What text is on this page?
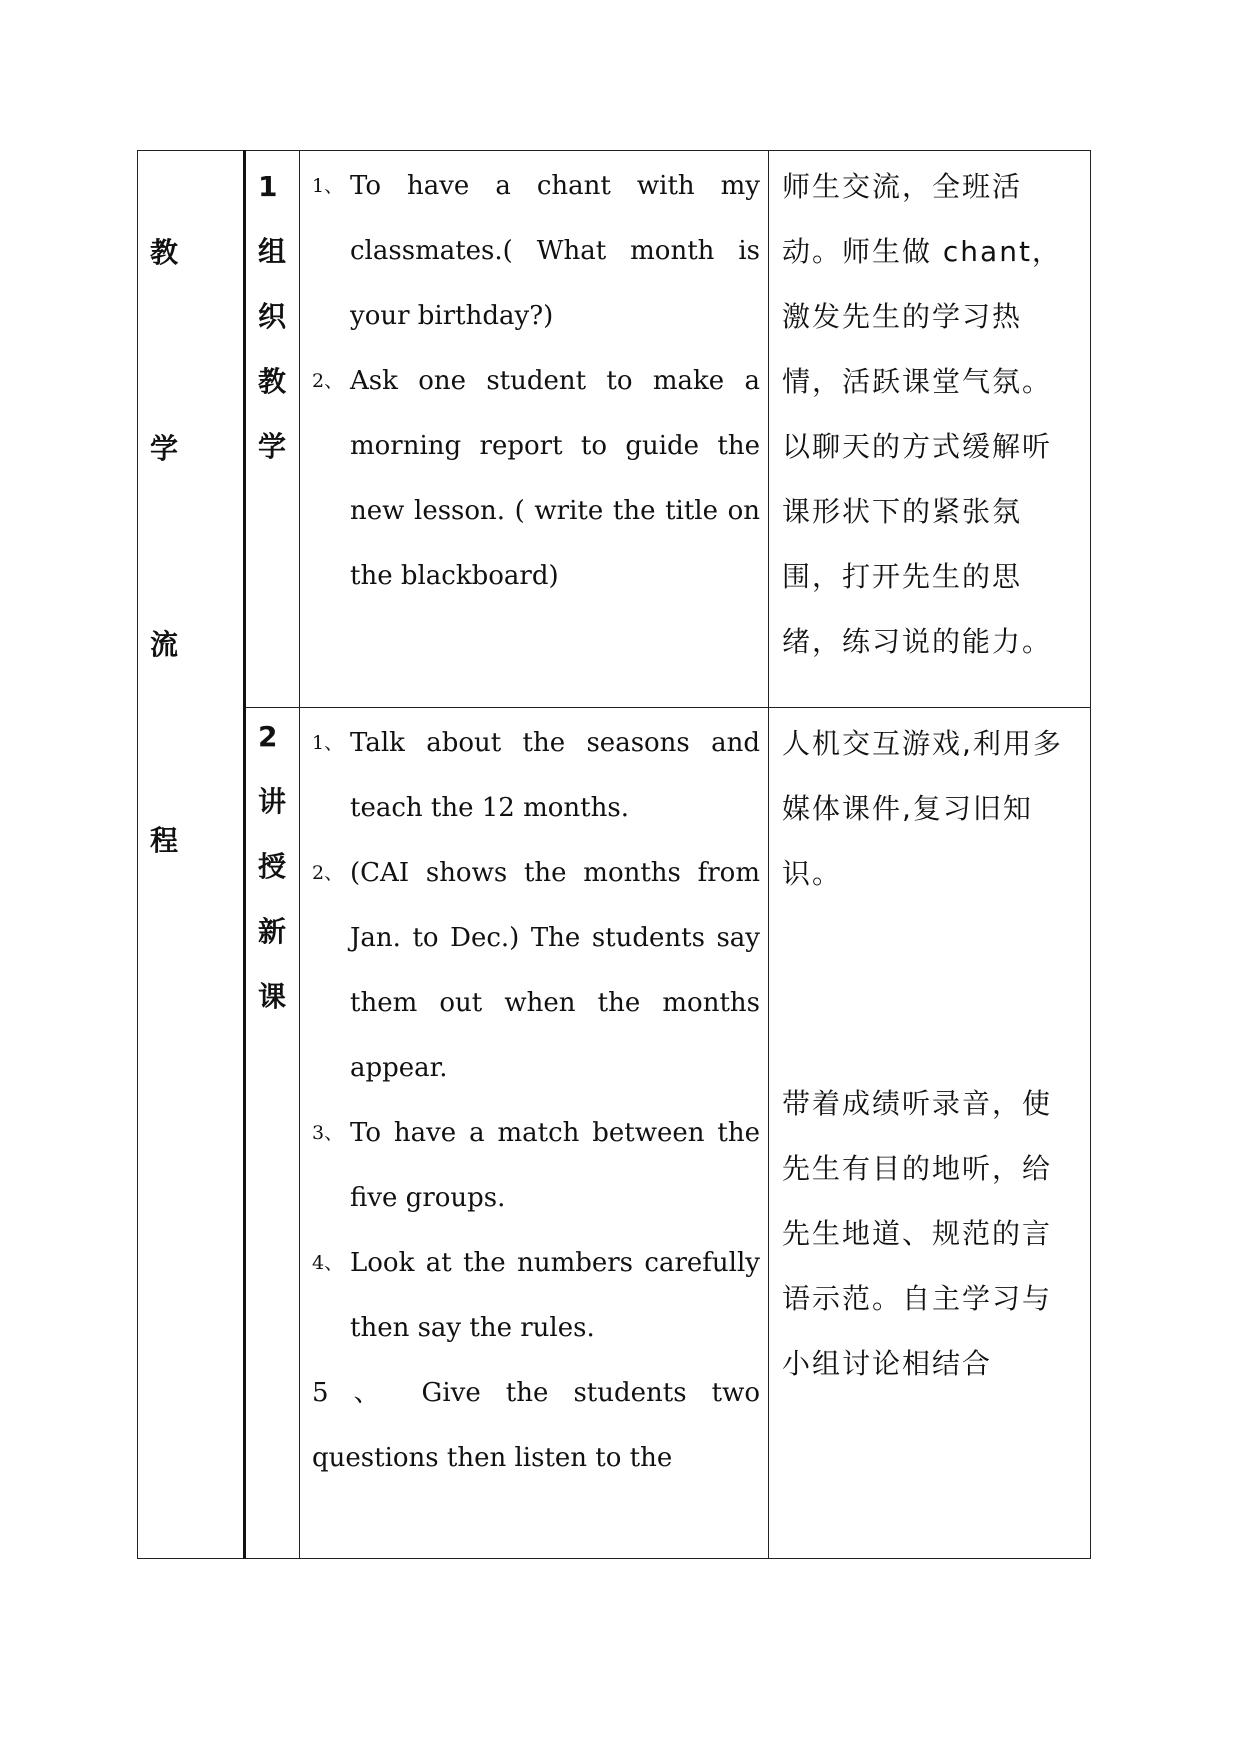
教
学
流
程
1
组
织
教
学
1、 To have a chant with my classmates.( What month is your birthday?)
2、 Ask one student to make a morning report to guide the new lesson. ( write the title on the blackboard)
师生交流，全班活动。师生做 chant，激发先生的学习热情，活跃课堂气氛。以聊天的方式缓解听课形状下的紧张氛围，打开先生的思绪，练习说的能力。
2
讲
授
新
课
1、 Talk about the seasons and teach the 12 months.
2、 (CAI shows the months from Jan. to Dec.) The students say them out when the months appear.
3、 To have a match between the five groups.
4、 Look at the numbers carefully then say the rules.
5 、 Give the students two questions then listen to the
人机交互游戏,利用多媒体课件,复习旧知识。
带着成绩听录音，使先生有目的地听，给先生地道、规范的言语示范。自主学习与小组讨论相结合
